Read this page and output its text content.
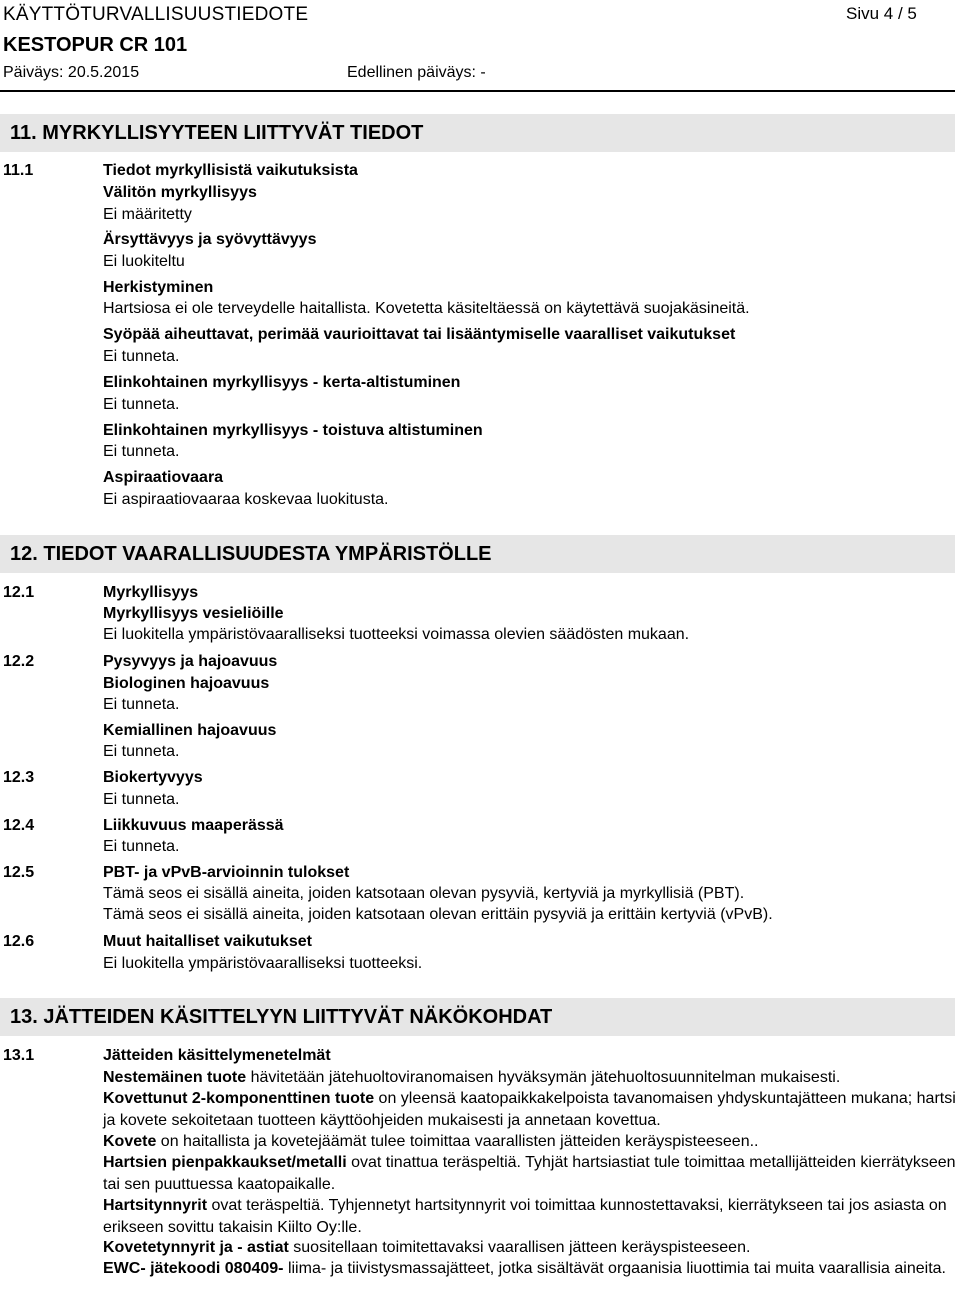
KÄYTTÖTURVALLISUUSTIEDOTE	Sivu 4 / 5
KESTOPUR CR 101
Päiväys: 20.5.2015	Edellinen päiväys: -
11. MYRKYLLISYYTEEN LIITTYVÄT TIEDOT
11.1	Tiedot myrkyllisistä vaikutuksista
Välitön myrkyllisyys
Ei määritetty
Ärsyttävyys ja syövyttävyys
Ei luokiteltu
Herkistyminen
Hartsiosa ei ole terveydelle haitallista. Kovetetta käsiteltäessä on käytettävä suojakäsineitä.
Syöpää aiheuttavat, perimää vaurioittavat tai lisääntymiselle vaaralliset vaikutukset
Ei tunneta.
Elinkohtainen myrkyllisyys - kerta-altistuminen
Ei tunneta.
Elinkohtainen myrkyllisyys - toistuva altistuminen
Ei tunneta.
Aspiraatiovaara
Ei aspiraatiovaaraa koskevaa luokitusta.
12. TIEDOT VAARALLISUUDESTA YMPÄRISTÖLLE
12.1	Myrkyllisyys
Myrkyllisyys vesieliöille
Ei luokitella ympäristövaaralliseksi tuotteeksi voimassa olevien säädösten mukaan.
12.2	Pysyvyys ja hajoavuus
Biologinen hajoavuus
Ei tunneta.
Kemiallinen hajoavuus
Ei tunneta.
12.3	Biokertyvyys
Ei tunneta.
12.4	Liikkuvuus maaperässä
Ei tunneta.
12.5	PBT- ja vPvB-arvioinnin tulokset
Tämä seos ei sisällä aineita, joiden katsotaan olevan pysyviä, kertyviä ja myrkyllisiä (PBT).
Tämä seos ei sisällä aineita, joiden katsotaan olevan erittäin pysyviä ja erittäin kertyviä (vPvB).
12.6	Muut haitalliset vaikutukset
Ei luokitella ympäristövaaralliseksi tuotteeksi.
13. JÄTTEIDEN KÄSITTELYYN LIITTYVÄT NÄKÖKOHDAT
13.1	Jätteiden käsittelymenetelmät
Nestemäinen tuote hävitetään jätehuoltoviranomaisen hyväksymän jätehuoltosuunnitelman mukaisesti.
Kovettunut 2-komponenttinen tuote on yleensä kaatopaikkakelpoista tavanomaisen yhdyskuntajätteen mukana; hartsi ja kovete sekoitetaan tuotteen käyttöohjeiden mukaisesti ja annetaan kovettua.
Kovete on haitallista ja kovetejäämät tulee toimittaa vaarallisten jätteiden keräyspisteeseen..
Hartsien pienpakkaukset/metalli ovat tinattua teräspeltiä. Tyhjät hartsiastiat tule toimittaa metallijätteiden kierrätykseen tai sen puuttuessa kaatopaikalle.
Hartsitynnyrit ovat teräspeltiä. Tyhjennetyt hartsitynnyrit voi toimittaa kunnostettavaksi, kierrätykseen tai jos asiasta on erikseen sovittu takaisin Kiilto Oy:lle.
Kovetetynnyrit ja - astiat suositellaan toimitettavaksi vaarallisen jätteen keräyspisteeseen.
EWC- jätekoodi 080409- liima- ja tiivistysmassajätteet, jotka sisältävät orgaanisia liuottimia tai muita vaarallisia aineita.
